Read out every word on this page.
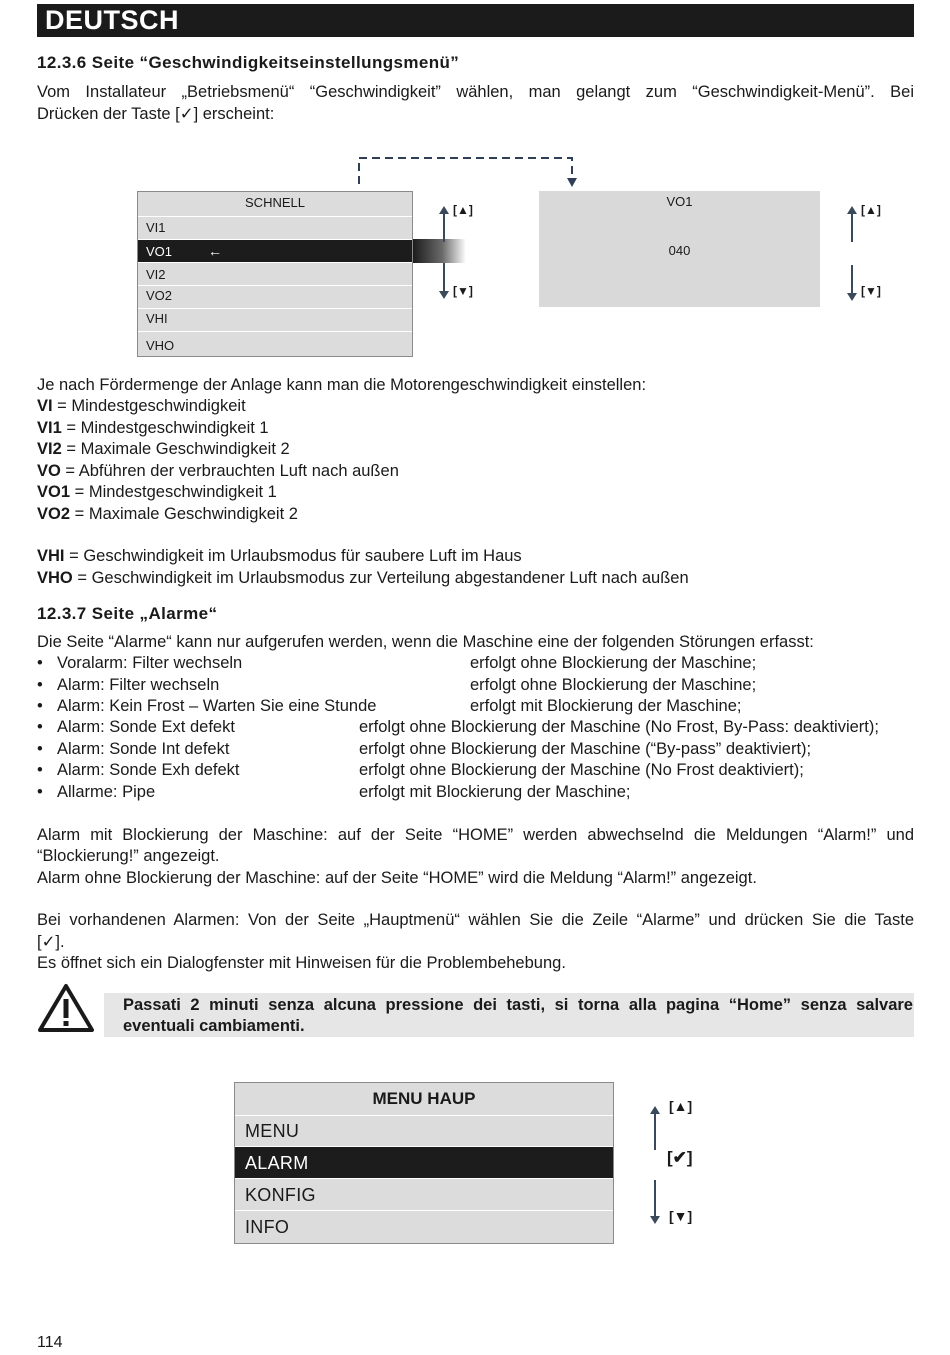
DEUTSCH
12.3.6 Seite “Geschwindigkeitseinstellungsmenü”
Vom Installateur „Betriebsmenü“ “Geschwindigkeit” wählen, man gelangt zum “Geschwindigkeit-Menü”. Bei
Drücken der Taste [✓] erscheint:
SCHNELL
VI1
VO1	←
VI2
VO2
VHI
VHO
[▲]
[▼]
VO1
040
[▲]
[▼]
Je nach Fördermenge der Anlage kann man die Motorengeschwindigkeit einstellen:
VI = Mindestgeschwindigkeit
VI1 = Mindestgeschwindigkeit 1
VI2 = Maximale Geschwindigkeit 2
VO = Abführen der verbrauchten Luft nach außen
VO1 = Mindestgeschwindigkeit 1
VO2 = Maximale Geschwindigkeit 2
VHI = Geschwindigkeit im Urlaubsmodus für saubere Luft im Haus
VHO = Geschwindigkeit im Urlaubsmodus zur Verteilung abgestandener Luft nach außen
12.3.7 Seite „Alarme“
Die Seite “Alarme“ kann nur aufgerufen werden, wenn die Maschine eine der folgenden Störungen erfasst:
• Voralarm: Filter wechseln	erfolgt ohne Blockierung der Maschine;
• Alarm: Filter wechseln	erfolgt ohne Blockierung der Maschine;
• Alarm: Kein Frost – Warten Sie eine Stunde	erfolgt mit Blockierung der Maschine;
• Alarm: Sonde Ext defekt	erfolgt ohne Blockierung der Maschine (No Frost, By-Pass: deaktiviert);
• Alarm: Sonde Int defekt	erfolgt ohne Blockierung der Maschine (“By-pass” deaktiviert);
• Alarm: Sonde Exh defekt	erfolgt ohne Blockierung der Maschine (No Frost deaktiviert);
• Allarme: Pipe	erfolgt mit Blockierung der Maschine;
Alarm mit Blockierung der Maschine: auf der Seite “HOME” werden abwechselnd die Meldungen “Alarm!” und
“Blockierung!” angezeigt.
Alarm ohne Blockierung der Maschine: auf der Seite “HOME” wird die Meldung “Alarm!” angezeigt.
Bei vorhandenen Alarmen: Von der Seite „Hauptmenü“ wählen Sie die Zeile “Alarme” und drücken Sie die Taste
[✓].
Es öffnet sich ein Dialogfenster mit Hinweisen für die Problembehebung.
Passati 2 minuti senza alcuna pressione dei tasti, si torna alla pagina “Home” senza salvare
eventuali cambiamenti.
MENU HAUP
MENU
ALARM
KONFIG
INFO
[▲]
[✔]
[▼]
114
